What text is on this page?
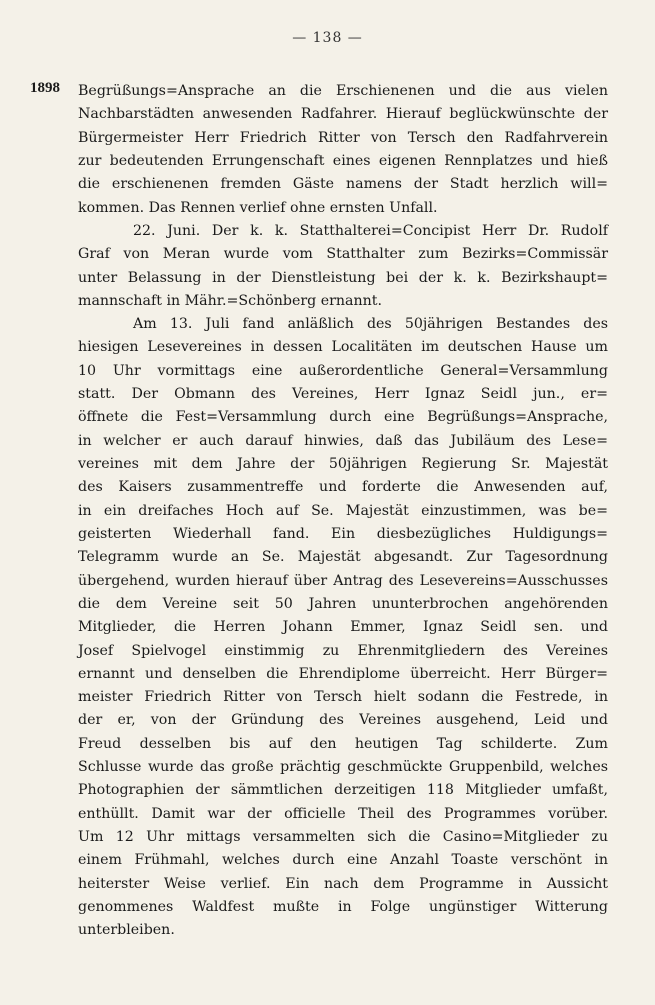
— 138 —
1898 Begrüßungs=Ansprache an die Erschienenen und die aus vielen
Nachbarstädten anwesenden Radfahrer. Hierauf beglückwünschte der
Bürgermeister Herr Friedrich Ritter von Tersch den Radfahrverein
zur bedeutenden Errungenschaft eines eigenen Rennplatzes und hieß
die erschienenen fremden Gäste namens der Stadt herzlich will=
kommen. Das Rennen verlief ohne ernsten Unfall.
22. Juni. Der k. k. Statthalterei=Concipist Herr Dr. Rudolf
Graf von Meran wurde vom Statthalter zum Bezirks=Commissär
unter Belassung in der Dienstleistung bei der k. k. Bezirkshaupt=
mannschaft in Mähr.=Schönberg ernannt.
Am 13. Juli fand anläßlich des 50jährigen Bestandes des
hiesigen Lesevereines in dessen Localitäten im deutschen Hause um
10 Uhr vormittags eine außerordentliche General=Versammlung
statt. Der Obmann des Vereines, Herr Ignaz Seidl jun., er=
öffnete die Fest=Versammlung durch eine Begrüßungs=Ansprache,
in welcher er auch darauf hinwies, daß das Jubiläum des Lese=
vereines mit dem Jahre der 50jährigen Regierung Sr. Majestät
des Kaisers zusammentreffe und forderte die Anwesenden auf,
in ein dreifaches Hoch auf Se. Majestät einzustimmen, was be=
geisterten Wiederhall fand. Ein diesbezügliches Huldigungs=
Telegramm wurde an Se. Majestät abgesandt. Zur Tagesordnung
übergehend, wurden hierauf über Antrag des Lesevereins=Ausschusses
die dem Vereine seit 50 Jahren ununterbrochen angehörenden
Mitglieder, die Herren Johann Emmer, Ignaz Seidl sen. und
Josef Spielvogel einstimmig zu Ehrenmitgliedern des Vereines
ernannt und denselben die Ehrendiplome überreicht. Herr Bürger=
meister Friedrich Ritter von Tersch hielt sodann die Festrede, in
der er, von der Gründung des Vereines ausgehend, Leid und
Freud desselben bis auf den heutigen Tag schilderte. Zum
Schlusse wurde das große prächtig geschmückte Gruppenbild, welches
Photographien der sämmtlichen derzeitigen 118 Mitglieder umfaßt,
enthüllt. Damit war der officielle Theil des Programmes vorüber.
Um 12 Uhr mittags versammelten sich die Casino=Mitglieder zu
einem Frühmahl, welches durch eine Anzahl Toaste verschönt in
heiterster Weise verlief. Ein nach dem Programme in Aussicht
genommenes Waldfest mußte in Folge ungünstiger Witterung
unterbleiben.
